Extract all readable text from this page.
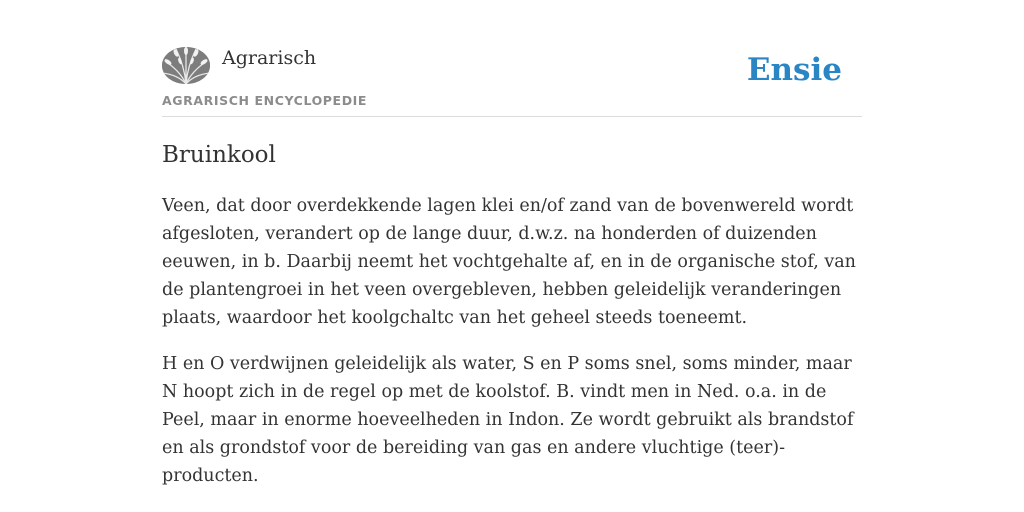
Agrarisch
AGRARISCH ENCYCLOPEDIE
Ensie
Bruinkool

Veen, dat door overdekkende lagen klei en/of zand van de bovenwereld wordt afgesloten, verandert op de lange duur, d.w.z. na honderden of duizenden eeuwen, in b. Daarbij neemt het vochtgehalte af, en in de organische stof, van de plantengroei in het veen overgebleven, hebben geleidelijk veranderingen plaats, waardoor het koolgchaltc van het geheel steeds toeneemt.

H en O verdwijnen geleidelijk als water, S en P soms snel, soms minder, maar N hoopt zich in de regel op met de koolstof. B. vindt men in Ned. o.a. in de Peel, maar in enorme hoeveelheden in Indon. Ze wordt gebruikt als brandstof en als grondstof voor de bereiding van gas en andere vluchtige (teer)-producten.
